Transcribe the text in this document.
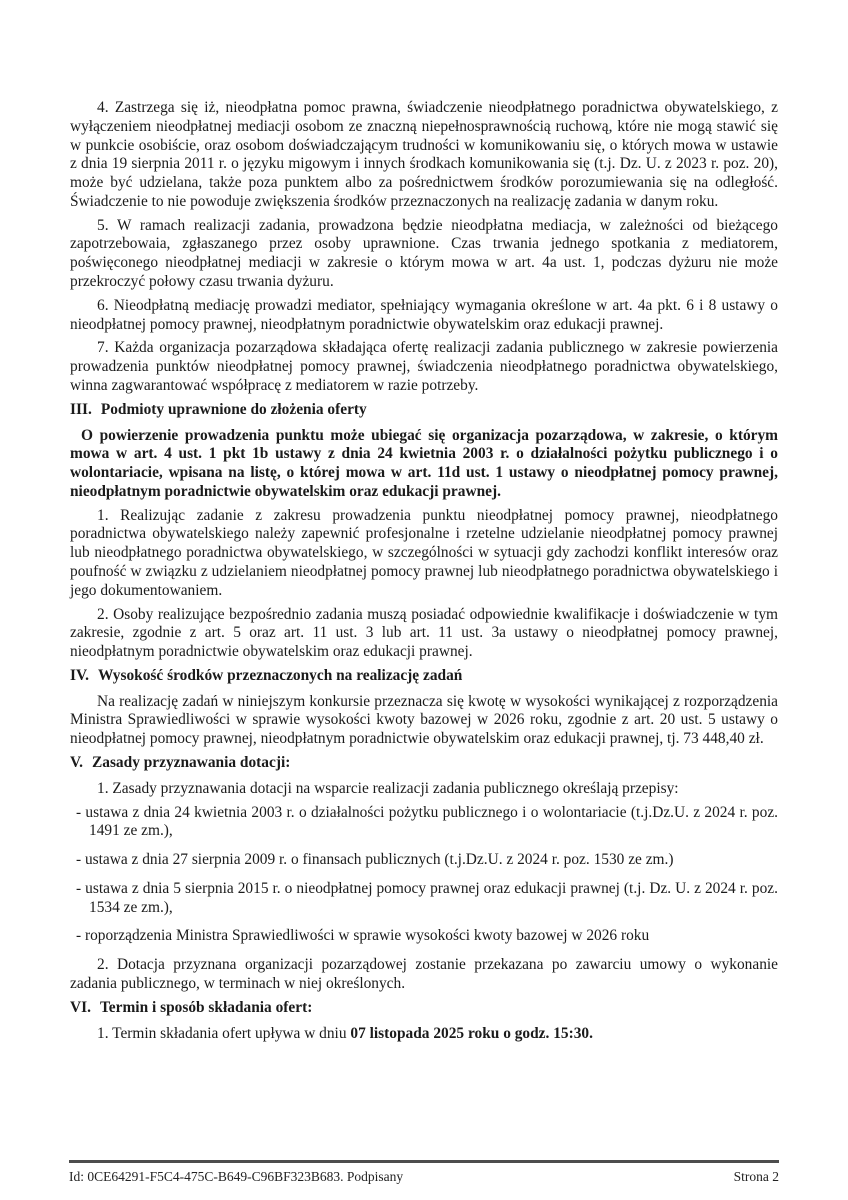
4. Zastrzega się iż, nieodpłatna pomoc prawna, świadczenie nieodpłatnego poradnictwa obywatelskiego, z wyłączeniem nieodpłatnej mediacji osobom ze znaczną niepełnosprawnością ruchową, które nie mogą stawić się w punkcie osobiście, oraz osobom doświadczającym trudności w komunikowaniu się, o których mowa w ustawie z dnia 19 sierpnia 2011 r. o języku migowym i innych środkach komunikowania się (t.j. Dz. U. z 2023 r. poz. 20), może być udzielana, także poza punktem albo za pośrednictwem środków porozumiewania się na odległość. Świadczenie to nie powoduje zwiększenia środków przeznaczonych na realizację zadania w danym roku.

5. W ramach realizacji zadania, prowadzona będzie nieodpłatna mediacja, w zależności od bieżącego zapotrzebowaia, zgłaszanego przez osoby uprawnione. Czas trwania jednego spotkania z mediatorem, poświęconego nieodpłatnej mediacji w zakresie o którym mowa w art. 4a ust. 1, podczas dyżuru nie może przekroczyć połowy czasu trwania dyżuru.

6. Nieodpłatną mediację prowadzi mediator, spełniający wymagania określone w art. 4a pkt. 6 i 8 ustawy o nieodpłatnej pomocy prawnej, nieodpłatnym poradnictwie obywatelskim oraz edukacji prawnej.

7. Każda organizacja pozarządowa składająca ofertę realizacji zadania publicznego w zakresie powierzenia prowadzenia punktów nieodpłatnej pomocy prawnej, świadczenia nieodpłatnego poradnictwa obywatelskiego, winna zagwarantować współpracę z mediatorem w razie potrzeby.

III. Podmioty uprawnione do złożenia oferty

O powierzenie prowadzenia punktu może ubiegać się organizacja pozarządowa, w zakresie, o którym mowa w art. 4 ust. 1 pkt 1b ustawy z dnia 24 kwietnia 2003 r. o działalności pożytku publicznego i o wolontariacie, wpisana na listę, o której mowa w art. 11d ust. 1 ustawy o nieodpłatnej pomocy prawnej, nieodpłatnym poradnictwie obywatelskim oraz edukacji prawnej.

1. Realizując zadanie z zakresu prowadzenia punktu nieodpłatnej pomocy prawnej, nieodpłatnego poradnictwa obywatelskiego należy zapewnić profesjonalne i rzetelne udzielanie nieodpłatnej pomocy prawnej lub nieodpłatnego poradnictwa obywatelskiego, w szczególności w sytuacji gdy zachodzi konflikt interesów oraz poufność w związku z udzielaniem nieodpłatnej pomocy prawnej lub nieodpłatnego poradnictwa obywatelskiego i jego dokumentowaniem.

2. Osoby realizujące bezpośrednio zadania muszą posiadać odpowiednie kwalifikacje i doświadczenie w tym zakresie, zgodnie z art. 5 oraz art. 11 ust. 3 lub art. 11 ust. 3a ustawy o nieodpłatnej pomocy prawnej, nieodpłatnym poradnictwie obywatelskim oraz edukacji prawnej.

IV. Wysokość środków przeznaczonych na realizację zadań

Na realizację zadań w niniejszym konkursie przeznacza się kwotę w wysokości wynikającej z rozporządzenia Ministra Sprawiedliwości w sprawie wysokości kwoty bazowej w 2026 roku, zgodnie z art. 20 ust. 5 ustawy o nieodpłatnej pomocy prawnej, nieodpłatnym poradnictwie obywatelskim oraz edukacji prawnej, tj. 73 448,40 zł.

V. Zasady przyznawania dotacji:

1. Zasady przyznawania dotacji na wsparcie realizacji zadania publicznego określają przepisy:

- ustawa z dnia 24 kwietnia 2003 r. o działalności pożytku publicznego i o wolontariacie (t.j.Dz.U. z 2024 r. poz. 1491 ze zm.),

- ustawa z dnia 27 sierpnia 2009 r. o finansach publicznych (t.j.Dz.U. z 2024 r. poz. 1530 ze zm.)

- ustawa z dnia 5 sierpnia 2015 r. o nieodpłatnej pomocy prawnej oraz edukacji prawnej (t.j. Dz. U. z 2024 r. poz. 1534 ze zm.),

- roporządzenia Ministra Sprawiedliwości w sprawie wysokości kwoty bazowej w 2026 roku

2. Dotacja przyznana organizacji pozarządowej zostanie przekazana po zawarciu umowy o wykonanie zadania publicznego, w terminach w niej określonych.

VI. Termin i sposób składania ofert:

1. Termin składania ofert upływa w dniu 07 listopada 2025 roku o godz. 15:30.

Id: 0CE64291-F5C4-475C-B649-C96BF323B683. Podpisany	Strona 2
